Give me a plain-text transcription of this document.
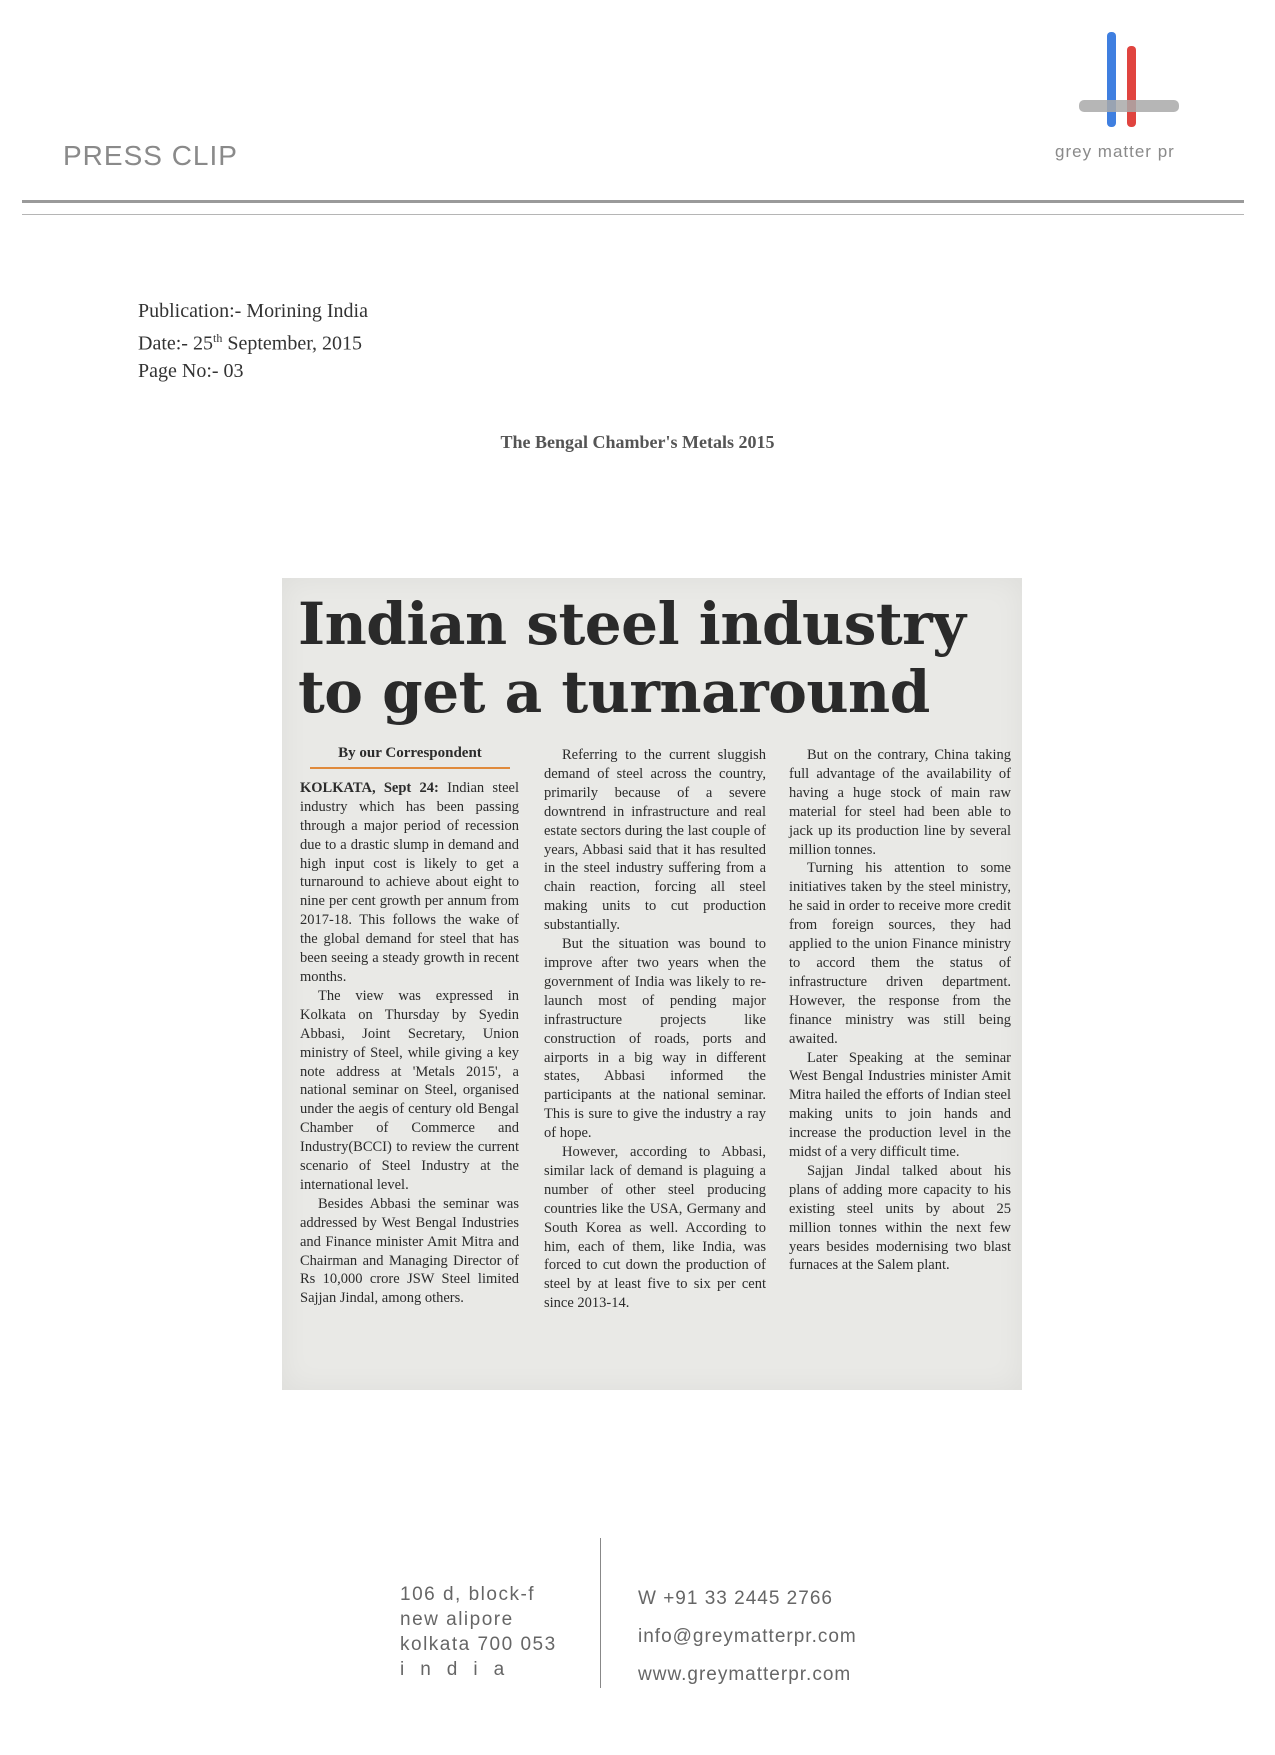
PRESS CLIP	grey matter pr
Publication:- Morining India
Date:- 25th September, 2015
Page No:- 03
The Bengal Chamber's Metals 2015
Indian steel industry
to get a turnaround
By our Correspondent

KOLKATA, Sept 24: Indian steel industry which has been passing through a major period of recession due to a drastic slump in demand and high input cost is likely to get a turnaround to achieve about eight to nine per cent growth per annum from 2017-18. This follows the wake of the global demand for steel that has been seeing a steady growth in recent months.

The view was expressed in Kolkata on Thursday by Syedin Abbasi, Joint Secretary, Union ministry of Steel, while giving a key note address at 'Metals 2015', a national seminar on Steel, organised under the aegis of century old Bengal Chamber of Commerce and Industry(BCCI) to review the current scenario of Steel Industry at the international level.

Besides Abbasi the seminar was addressed by West Bengal Industries and Finance minister Amit Mitra and Chairman and Managing Director of Rs 10,000 crore JSW Steel limited Sajjan Jindal, among others.

Referring to the current sluggish demand of steel across the country, primarily because of a severe downtrend in infrastructure and real estate sectors during the last couple of years, Abbasi said that it has resulted in the steel industry suffering from a chain reaction, forcing all steel making units to cut production substantially.

But the situation was bound to improve after two years when the government of India was likely to re-launch most of pending major infrastructure projects like construction of roads, ports and airports in a big way in different states, Abbasi informed the participants at the national seminar. This is sure to give the industry a ray of hope.

However, according to Abbasi, similar lack of demand is plaguing a number of other steel producing countries like the USA, Germany and South Korea as well. According to him, each of them, like India, was forced to cut down the production of steel by at least five to six per cent since 2013-14.

But on the contrary, China taking full advantage of the availability of having a huge stock of main raw material for steel had been able to jack up its production line by several million tonnes.

Turning his attention to some initiatives taken by the steel ministry, he said in order to receive more credit from foreign sources, they had applied to the union Finance ministry to accord them the status of infrastructure driven department. However, the response from the finance ministry was still being awaited.

Later Speaking at the seminar West Bengal Industries minister Amit Mitra hailed the efforts of Indian steel making units to join hands and increase the production level in the midst of a very difficult time.

Sajjan Jindal talked about his plans of adding more capacity to his existing steel units by about 25 million tonnes within the next few years besides modernising two blast furnaces at the Salem plant.

106 d, block-f
new alipore
kolkata 700 053
india
W +91 33 2445 2766
info@greymatterpr.com
www.greymatterpr.com
